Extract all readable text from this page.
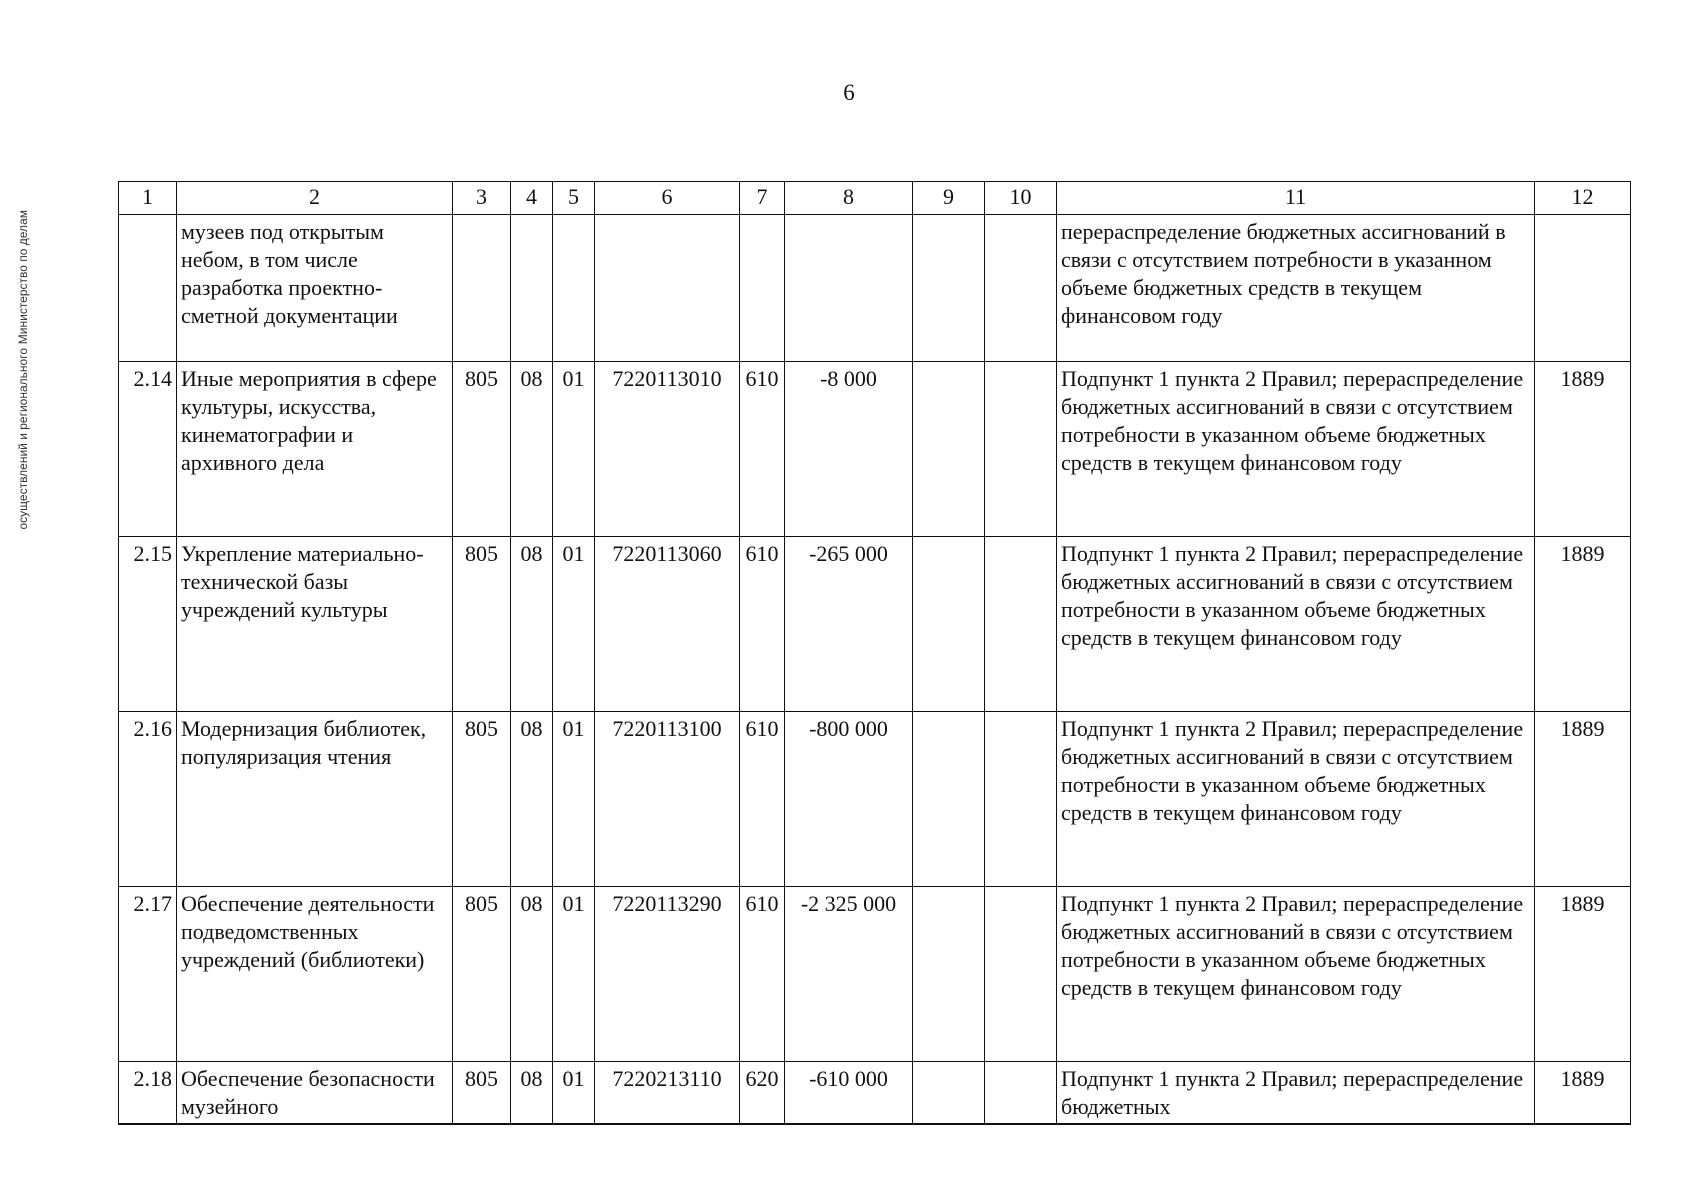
6
Министерство по делам
осуществлений и регионального
1	2	3	4	5	6	7	8	9	10	11	12
	музеев под открытым небом, в том числе разработка проектно-сметной документации									перераспределение бюджетных ассигнований в связи с отсутствием потребности в указанном объеме бюджетных средств в текущем финансовом году	
2.14	Иные мероприятия в сфере культуры, искусства, кинематографии и архивного дела	805	08	01	7220113010	610	-8 000			Подпункт 1 пункта 2 Правил; перераспределение бюджетных ассигнований в связи с отсутствием потребности в указанном объеме бюджетных средств в текущем финансовом году	1889
2.15	Укрепление материально-технической базы учреждений культуры	805	08	01	7220113060	610	-265 000			Подпункт 1 пункта 2 Правил; перераспределение бюджетных ассигнований в связи с отсутствием потребности в указанном объеме бюджетных средств в текущем финансовом году	1889
2.16	Модернизация библиотек, популяризация чтения	805	08	01	7220113100	610	-800 000			Подпункт 1 пункта 2 Правил; перераспределение бюджетных ассигнований в связи с отсутствием потребности в указанном объеме бюджетных средств в текущем финансовом году	1889
2.17	Обеспечение деятельности подведомственных учреждений (библиотеки)	805	08	01	7220113290	610	-2 325 000			Подпункт 1 пункта 2 Правил; перераспределение бюджетных ассигнований в связи с отсутствием потребности в указанном объеме бюджетных средств в текущем финансовом году	1889
2.18	Обеспечение безопасности музейного	805	08	01	7220213110	620	-610 000			Подпункт 1 пункта 2 Правил; перераспределение бюджетных	1889
